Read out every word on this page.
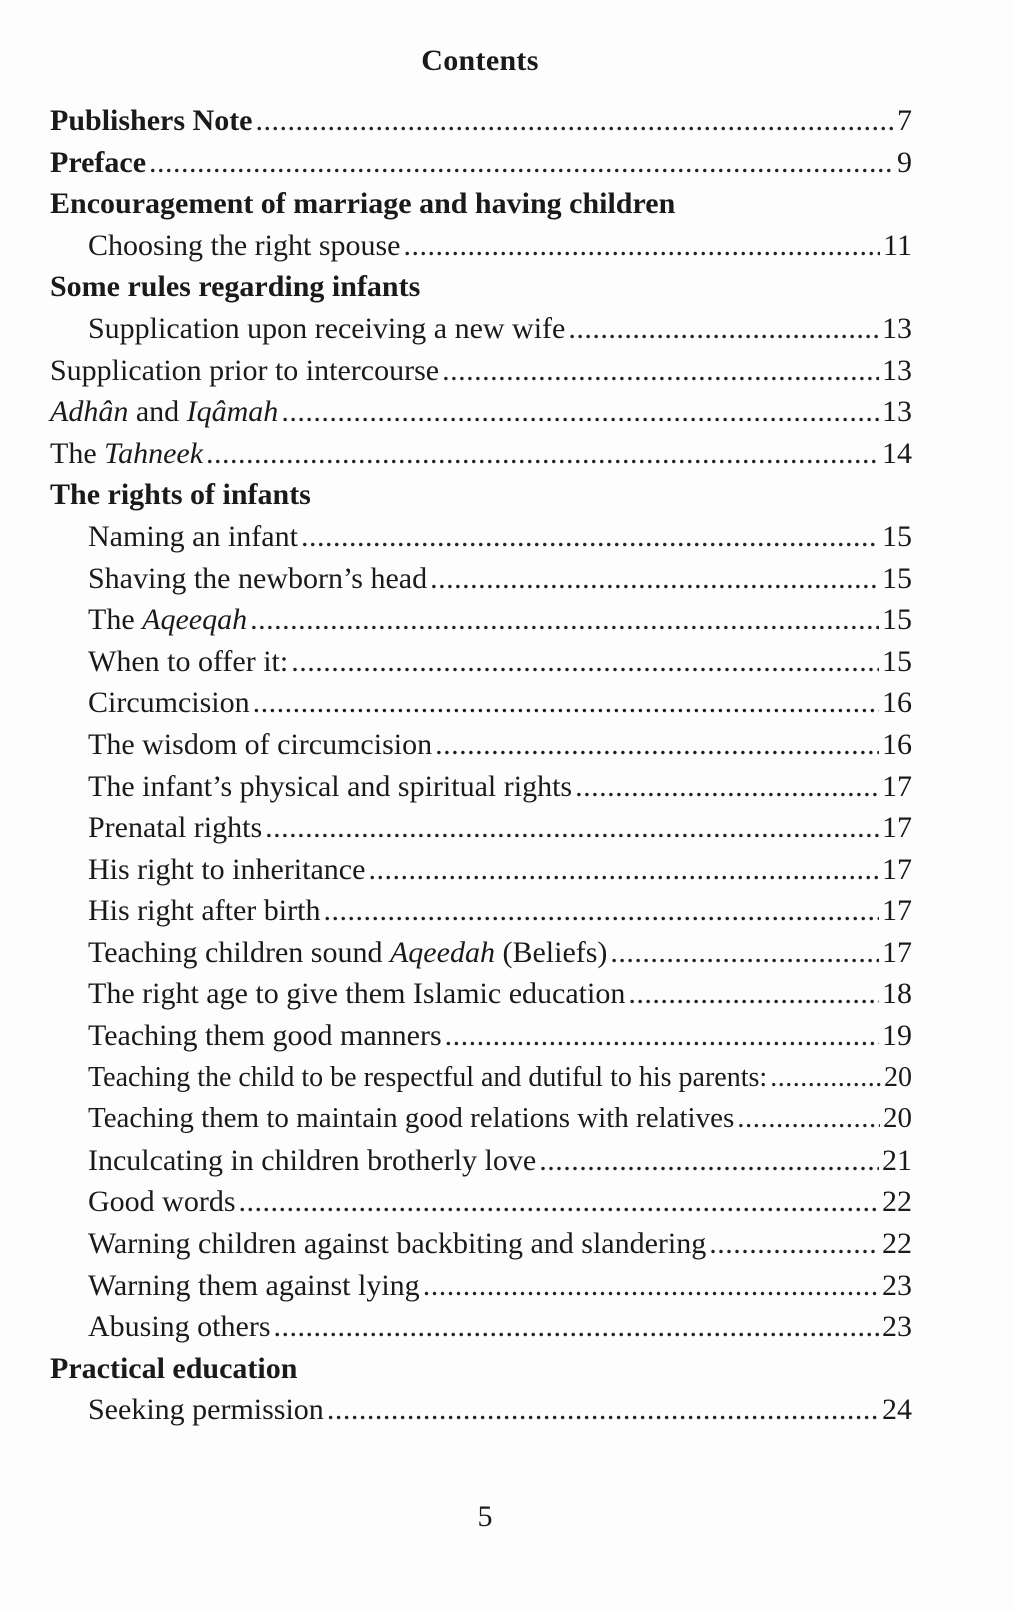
Contents
Publishers Note .....	7
Preface .....	9
Encouragement of marriage and having children
Choosing the right spouse .....	11
Some rules regarding infants
Supplication upon receiving a new wife .....	13
Supplication prior to intercourse .....	13
Adhân and Iqâmah .....	13
The Tahneek .....	14
The rights of infants
Naming an infant .....	15
Shaving the newborn’s head .....	15
The Aqeeqah .....	15
When to offer it: .....	15
Circumcision .....	16
The wisdom of circumcision .....	16
The infant’s physical and spiritual rights .....	17
Prenatal rights .....	17
His right to inheritance .....	17
His right after birth .....	17
Teaching children sound Aqeedah (Beliefs) .....	17
The right age to give them Islamic education .....	18
Teaching them good manners .....	19
Teaching the child to be respectful and dutiful to his parents: .....	20
Teaching them to maintain good relations with relatives .....	20
Inculcating in children brotherly love .....	21
Good words .....	22
Warning children against backbiting and slandering .....	22
Warning them against lying .....	23
Abusing others .....	23
Practical education
Seeking permission .....	24
5
